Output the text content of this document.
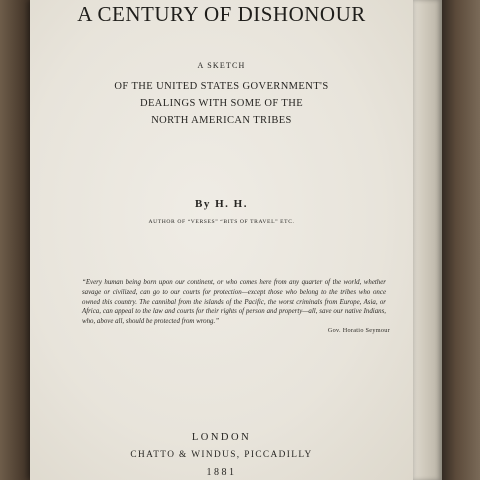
A CENTURY OF DISHONOUR
A SKETCH
OF THE UNITED STATES GOVERNMENT'S
DEALINGS WITH SOME OF THE
NORTH AMERICAN TRIBES
By H. H.
AUTHOR OF “VERSES” “BITS OF TRAVEL” ETC.
“Every human being born upon our continent, or who comes here from any quarter of the world, whether savage or civilized, can go to our courts for protection—except those who belong to the tribes who once owned this country. The cannibal from the islands of the Pacific, the worst criminals from Europe, Asia, or Africa, can appeal to the law and courts for their rights of person and property—all, save our native Indians, who, above all, should be protected from wrong.”
Gov. Horatio Seymour
LONDON
CHATTO & WINDUS, PICCADILLY
1881
